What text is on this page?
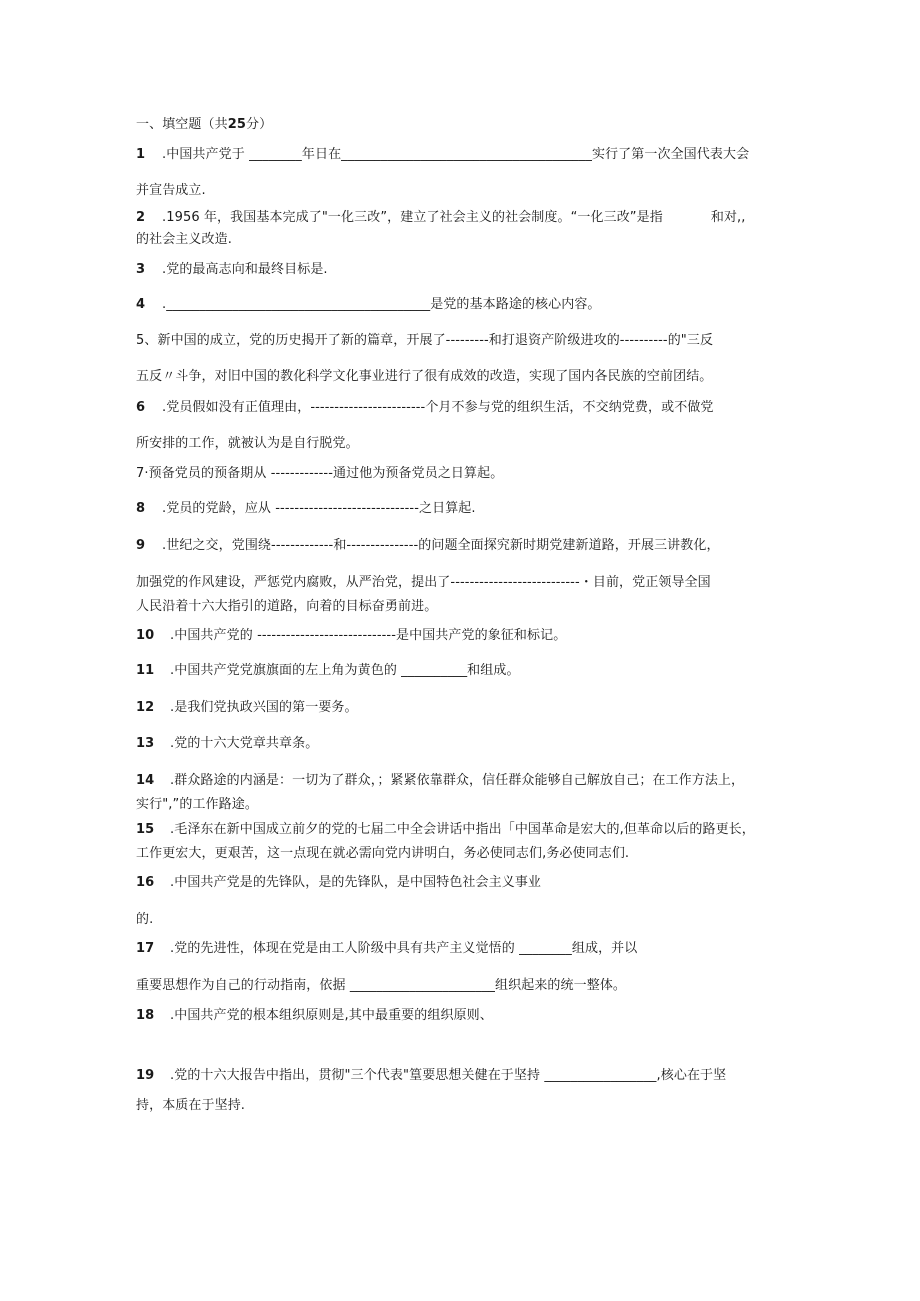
一、填空题（共25分）
1 .中国共产党于 ________年日在______________________________________实行了第一次全国代表大会
并宣告成立.
2 .1956 年，我国基本完成了"一化三改”，建立了社会主义的社会制度。“一化三改”是指	和对,,
的社会主义改造.
3 .党的最高志向和最终目标是.
4 .________________________________________是党的基本路途的核心内容。
5、新中国的成立，党的历史揭开了新的篇章，开展了---------和打退资产阶级进攻的----------的"三反
五反〃斗争，对旧中国的教化科学文化事业进行了很有成效的改造，实现了国内各民族的空前团结。
6 .党员假如没有正值理由，------------------------个月不参与党的组织生活，不交纳党费，或不做党
所安排的工作，就被认为是自行脱党。
7·预备党员的预备期从 -------------通过他为预备党员之日算起。
8 .党员的党龄，应从 ------------------------------之日算起.
9 .世纪之交，党围绕-------------和---------------的问题全面探究新时期党建新道路，开展三讲教化，
加强党的作风建设，严惩党内腐败，从严治党，提出了---------------------------・目前，党正领导全国
人民沿着十六大指引的道路，向着的目标奋勇前进。
10 .中国共产党的 -----------------------------是中国共产党的象征和标记。
11 .中国共产党党旗旗面的左上角为黄色的 __________和组成。
12 .是我们党执政兴国的第一要务。
13 .党的十六大党章共章条。
14 .群众路途的内涵是：一切为了群众，；紧紧依靠群众，信任群众能够自己解放自己；在工作方法上，
实行",”的工作路途。
15 .毛泽东在新中国成立前夕的党的七届二中全会讲话中指出「中国革命是宏大的,但革命以后的路更长，
工作更宏大，更艰苦，这一点现在就必需向党内讲明白，务必使同志们,务必使同志们.
16 .中国共产党是的先锋队，是的先锋队，是中国特色社会主义事业
的.
17 .党的先进性，体现在党是由工人阶级中具有共产主义觉悟的 ________组成，并以
重要思想作为自己的行动指南，依据 ______________________组织起来的统一整体。
18 .中国共产党的根本组织原则是,其中最重要的组织原则、
19 .党的十六大报告中指出，贯彻"三个代表"篁要思想关健在于坚持 _________________,核心在于坚
持，本质在于坚持.
